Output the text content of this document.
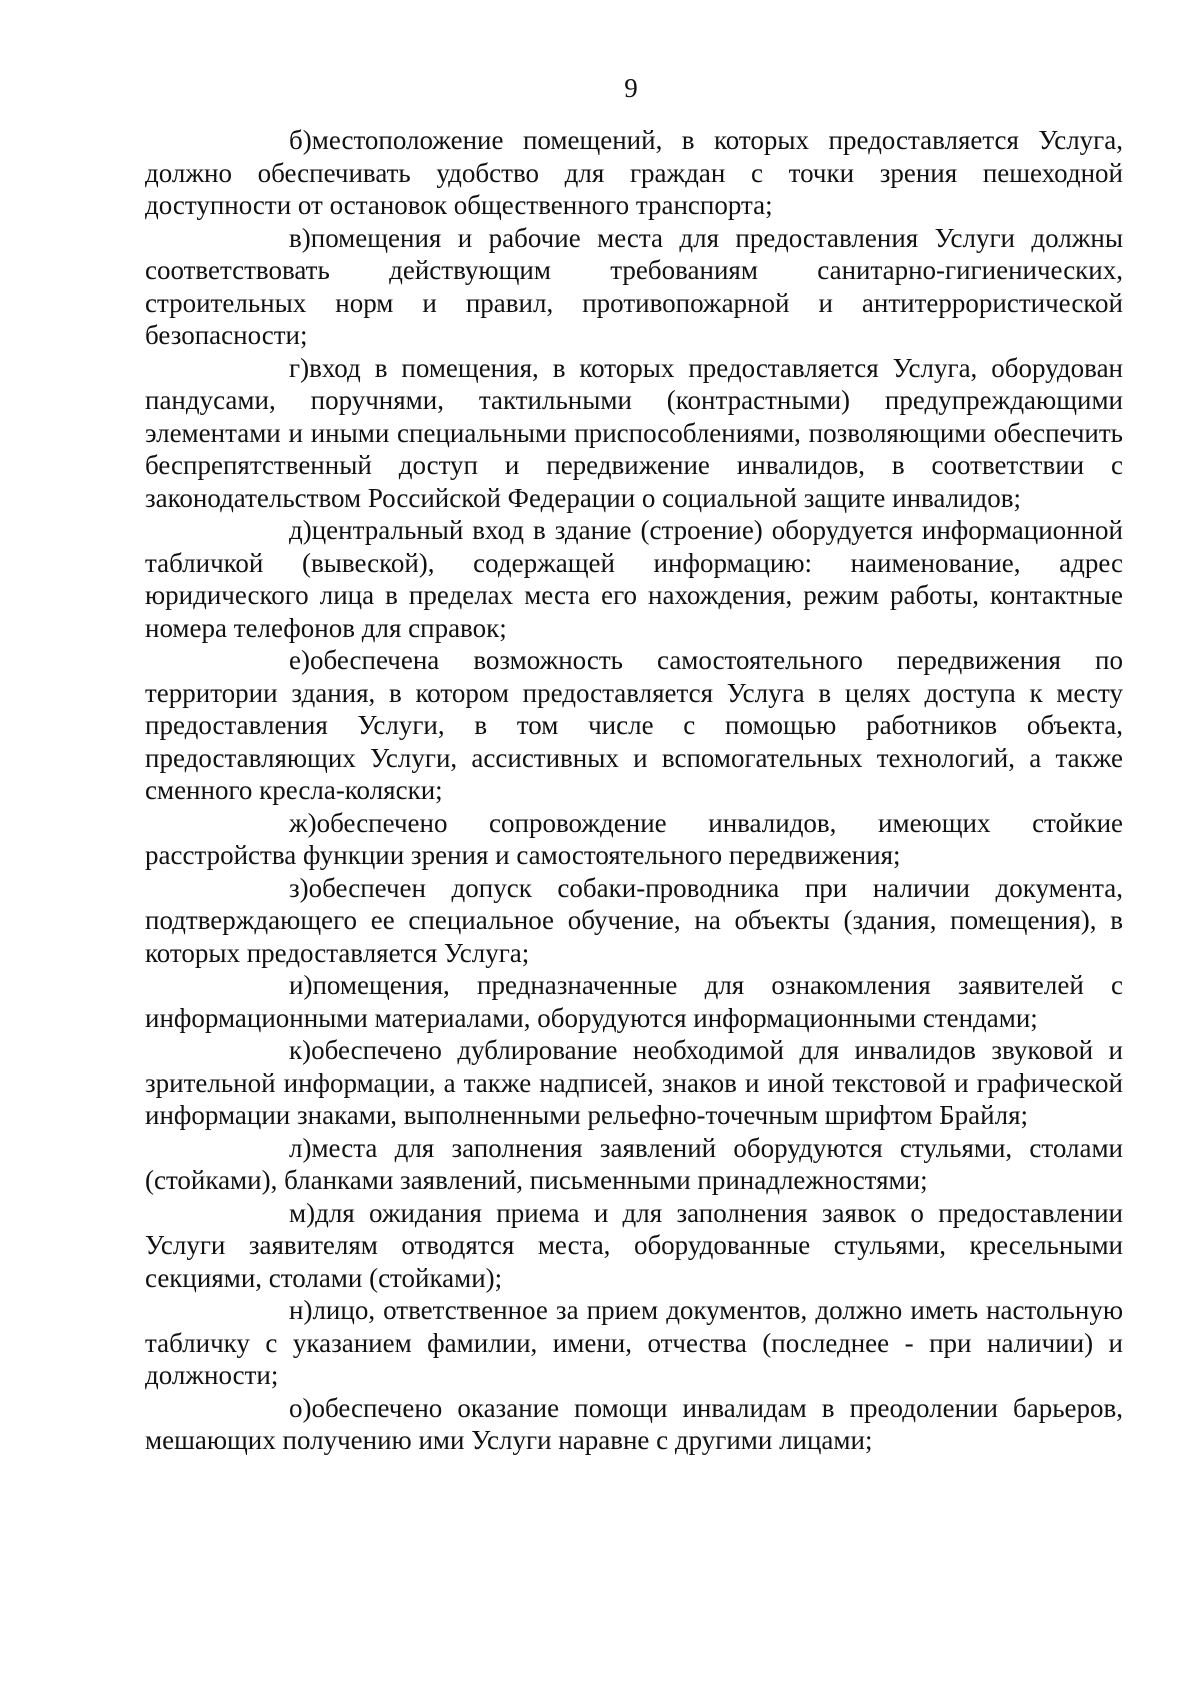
9

б)местоположение помещений, в которых предоставляется Услуга, должно обеспечивать удобство для граждан с точки зрения пешеходной доступности от остановок общественного транспорта;

в)помещения и рабочие места для предоставления Услуги должны соответствовать действующим требованиям санитарно-гигиенических, строительных норм и правил, противопожарной и антитеррористической безопасности;

г)вход в помещения, в которых предоставляется Услуга, оборудован пандусами, поручнями, тактильными (контрастными) предупреждающими элементами и иными специальными приспособлениями, позволяющими обеспечить беспрепятственный доступ и передвижение инвалидов, в соответствии с законодательством Российской Федерации о социальной защите инвалидов;

д)центральный вход в здание (строение) оборудуется информационной табличкой (вывеской), содержащей информацию: наименование, адрес юридического лица в пределах места его нахождения, режим работы, контактные номера телефонов для справок;

е)обеспечена возможность самостоятельного передвижения по территории здания, в котором предоставляется Услуга в целях доступа к месту предоставления Услуги, в том числе с помощью работников объекта, предоставляющих Услуги, ассистивных и вспомогательных технологий, а также сменного кресла-коляски;

ж)обеспечено сопровождение инвалидов, имеющих стойкие расстройства функции зрения и самостоятельного передвижения;

з)обеспечен допуск собаки-проводника при наличии документа, подтверждающего ее специальное обучение, на объекты (здания, помещения), в которых предоставляется Услуга;

и)помещения, предназначенные для ознакомления заявителей с информационными материалами, оборудуются информационными стендами;

к)обеспечено дублирование необходимой для инвалидов звуковой и зрительной информации, а также надписей, знаков и иной текстовой и графической информации знаками, выполненными рельефно-точечным шрифтом Брайля;

л)места для заполнения заявлений оборудуются стульями, столами (стойками), бланками заявлений, письменными принадлежностями;

м)для ожидания приема и для заполнения заявок о предоставлении Услуги заявителям отводятся места, оборудованные стульями, кресельными секциями, столами (стойками);

н)лицо, ответственное за прием документов, должно иметь настольную табличку с указанием фамилии, имени, отчества (последнее - при наличии) и должности;

о)обеспечено оказание помощи инвалидам в преодолении барьеров, мешающих получению ими Услуги наравне с другими лицами;
